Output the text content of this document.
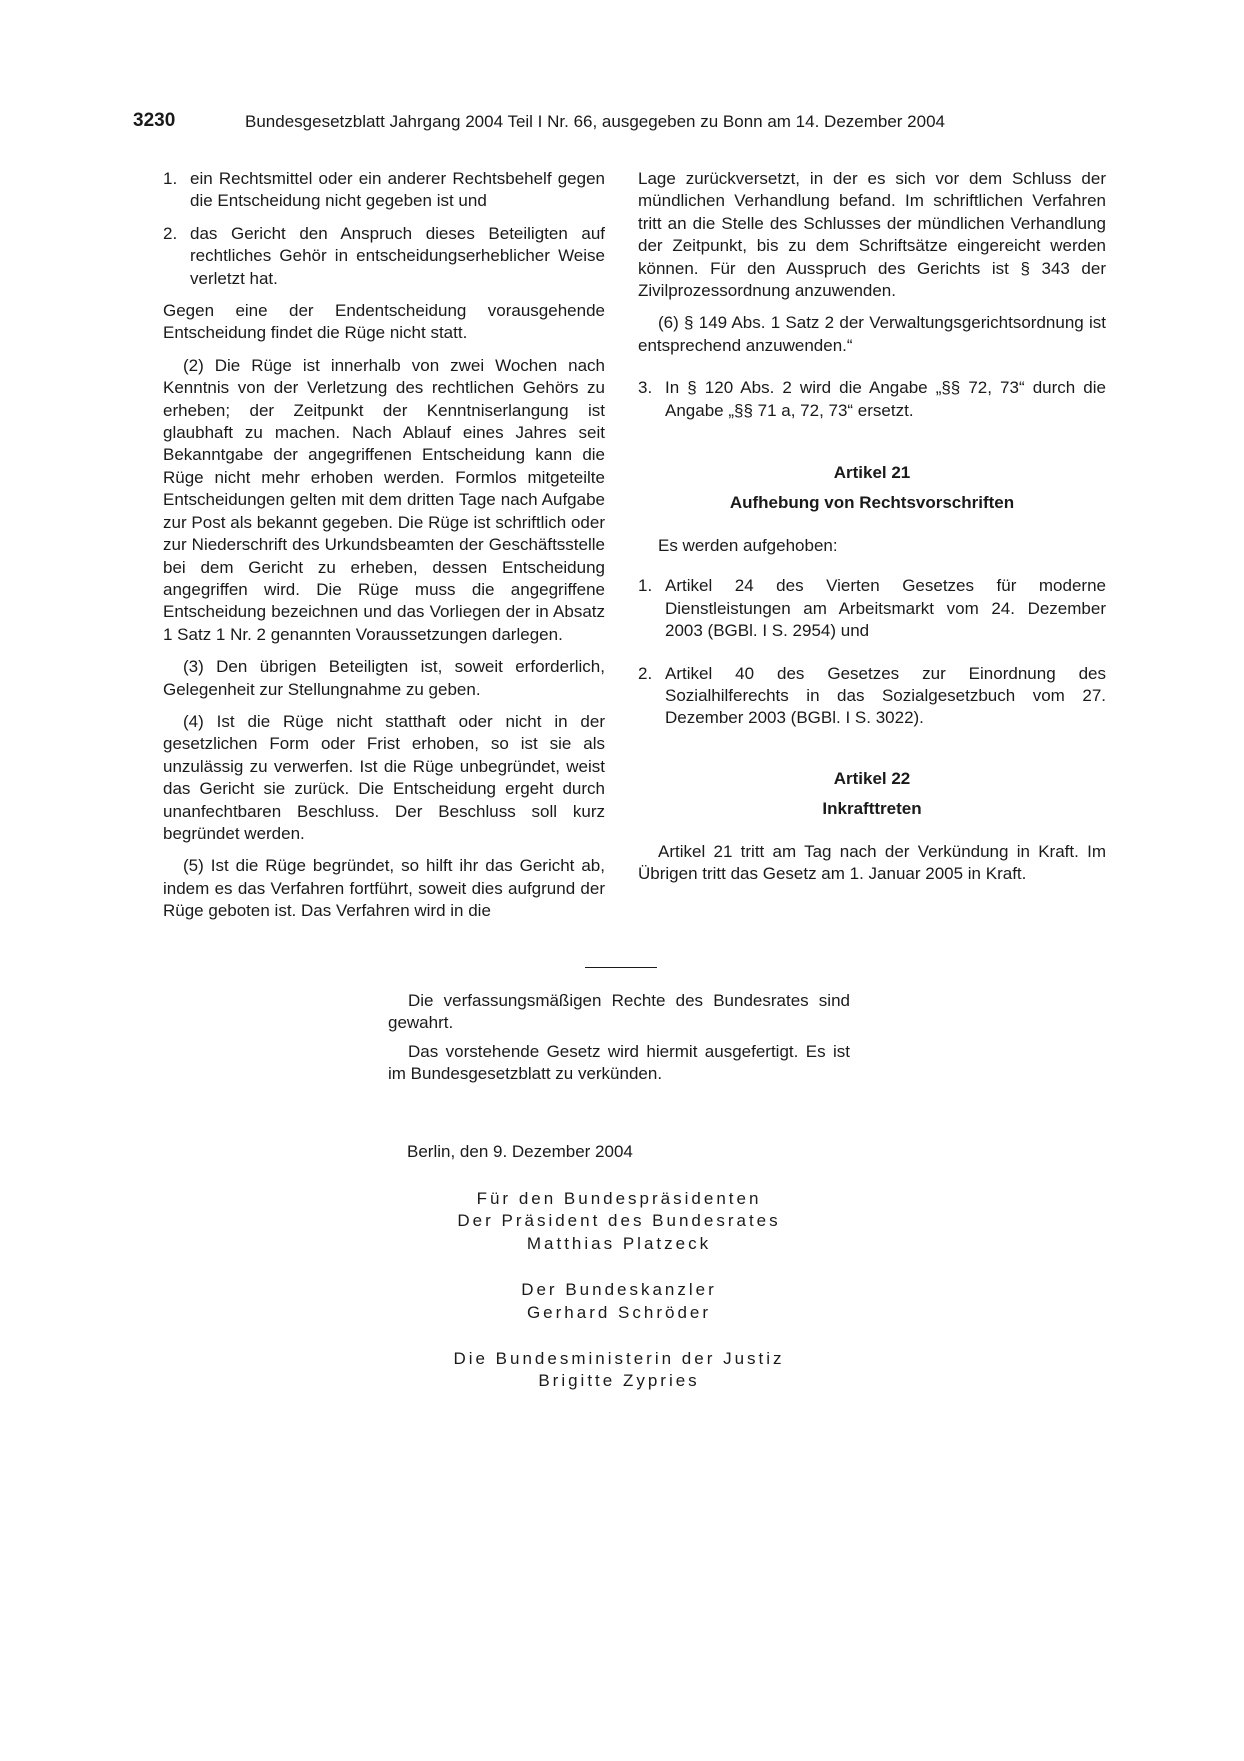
3230	Bundesgesetzblatt Jahrgang 2004 Teil I Nr. 66, ausgegeben zu Bonn am 14. Dezember 2004
1. ein Rechtsmittel oder ein anderer Rechtsbehelf gegen die Entscheidung nicht gegeben ist und
2. das Gericht den Anspruch dieses Beteiligten auf rechtliches Gehör in entscheidungserheblicher Weise verletzt hat.

Gegen eine der Endentscheidung vorausgehende Entscheidung findet die Rüge nicht statt.

(2) Die Rüge ist innerhalb von zwei Wochen nach Kenntnis von der Verletzung des rechtlichen Gehörs zu erheben; der Zeitpunkt der Kenntniserlangung ist glaubhaft zu machen. Nach Ablauf eines Jahres seit Bekanntgabe der angegriffenen Entscheidung kann die Rüge nicht mehr erhoben werden. Formlos mitgeteilte Entscheidungen gelten mit dem dritten Tage nach Aufgabe zur Post als bekannt gegeben. Die Rüge ist schriftlich oder zur Niederschrift des Urkundsbeamten der Geschäftsstelle bei dem Gericht zu erheben, dessen Entscheidung angegriffen wird. Die Rüge muss die angegriffene Entscheidung bezeichnen und das Vorliegen der in Absatz 1 Satz 1 Nr. 2 genannten Voraussetzungen darlegen.

(3) Den übrigen Beteiligten ist, soweit erforderlich, Gelegenheit zur Stellungnahme zu geben.

(4) Ist die Rüge nicht statthaft oder nicht in der gesetzlichen Form oder Frist erhoben, so ist sie als unzulässig zu verwerfen. Ist die Rüge unbegründet, weist das Gericht sie zurück. Die Entscheidung ergeht durch unanfechtbaren Beschluss. Der Beschluss soll kurz begründet werden.

(5) Ist die Rüge begründet, so hilft ihr das Gericht ab, indem es das Verfahren fortführt, soweit dies aufgrund der Rüge geboten ist. Das Verfahren wird in die

Lage zurückversetzt, in der es sich vor dem Schluss der mündlichen Verhandlung befand. Im schriftlichen Verfahren tritt an die Stelle des Schlusses der mündlichen Verhandlung der Zeitpunkt, bis zu dem Schriftsätze eingereicht werden können. Für den Ausspruch des Gerichts ist § 343 der Zivilprozessordnung anzuwenden.

(6) § 149 Abs. 1 Satz 2 der Verwaltungsgerichtsordnung ist entsprechend anzuwenden.“

3. In § 120 Abs. 2 wird die Angabe „§§ 72, 73“ durch die Angabe „§§ 71 a, 72, 73“ ersetzt.

Artikel 21

Aufhebung von Rechtsvorschriften

Es werden aufgehoben:

1. Artikel 24 des Vierten Gesetzes für moderne Dienstleistungen am Arbeitsmarkt vom 24. Dezember 2003 (BGBl. I S. 2954) und
2. Artikel 40 des Gesetzes zur Einordnung des Sozialhilferechts in das Sozialgesetzbuch vom 27. Dezember 2003 (BGBl. I S. 3022).

Artikel 22

Inkrafttreten

Artikel 21 tritt am Tag nach der Verkündung in Kraft. Im Übrigen tritt das Gesetz am 1. Januar 2005 in Kraft.

Die verfassungsmäßigen Rechte des Bundesrates sind gewahrt.

Das vorstehende Gesetz wird hiermit ausgefertigt. Es ist im Bundesgesetzblatt zu verkünden.

Berlin, den 9. Dezember 2004
Für den Bundespräsidenten
Der Präsident des Bundesrates
Matthias Platzeck
Der Bundeskanzler
Gerhard Schröder
Die Bundesministerin der Justiz
Brigitte Zypries
